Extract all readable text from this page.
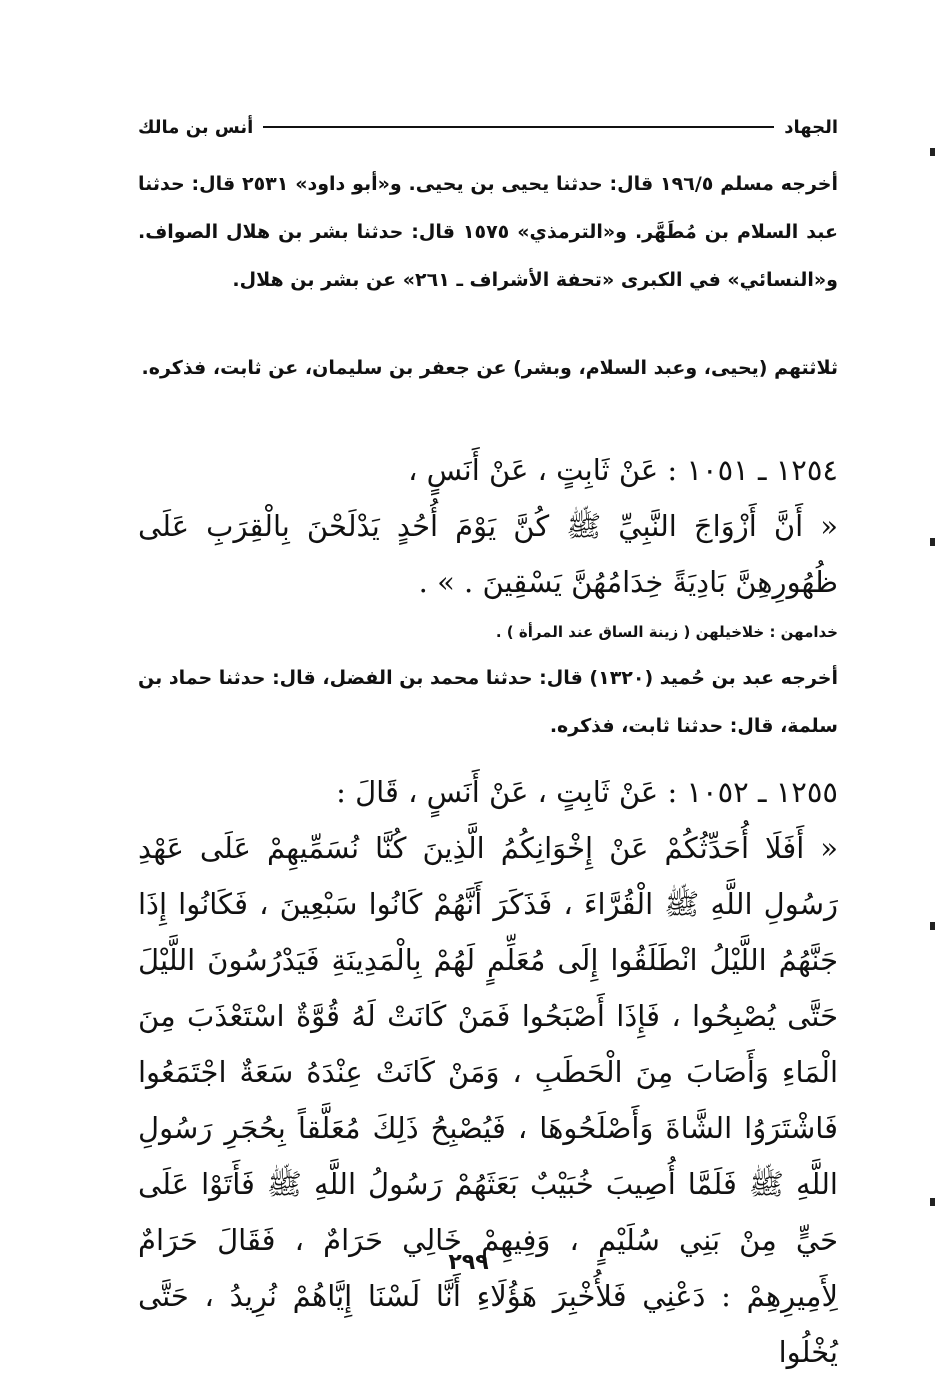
الجهاد
أنس بن مالك

أخرجه مسلم ١٩٦/٥ قال: حدثنا يحيى بن يحيى. و«أبو داود» ٢٥٣١ قال: حدثنا عبد السلام بن مُطَهَّر. و«الترمذي» ١٥٧٥ قال: حدثنا بشر بن هلال الصواف. و«النسائي» في الكبرى «تحفة الأشراف ـ ٢٦١» عن بشر بن هلال.

ثلاثتهم (يحيى، وعبد السلام، وبشر) عن جعفر بن سليمان، عن ثابت، فذكره.

١٢٥٤ ـ ١٠٥١ : عَنْ ثَابِتٍ ، عَنْ أَنَسٍ ،

« أَنَّ أَزْوَاجَ النَّبِيِّ ﷺ كُنَّ يَوْمَ أُحُدٍ يَدْلَحْنَ بِالْقِرَبِ عَلَى ظُهُورِهِنَّ بَادِيَةً خِدَامُهُنَّ يَسْقِينَ . » .

خدامهن : خلاخيلهن ( زينة الساق عند المرأة ) .

أخرجه عبد بن حُميد (١٣٢٠) قال: حدثنا محمد بن الفضل، قال: حدثنا حماد بن سلمة، قال: حدثنا ثابت، فذكره.

١٢٥٥ ـ ١٠٥٢ : عَنْ ثَابِتٍ ، عَنْ أَنَسٍ ، قَالَ :

« أَفَلَا أُحَدِّثُكُمْ عَنْ إِخْوَانِكُمُ الَّذِينَ كُنَّا نُسَمِّيهِمْ عَلَى عَهْدِ رَسُولِ اللَّهِ ﷺ الْقُرَّاءَ ، فَذَكَرَ أَنَّهُمْ كَانُوا سَبْعِينَ ، فَكَانُوا إِذَا جَنَّهُمُ اللَّيْلُ انْطَلَقُوا إِلَى مُعَلِّمٍ لَهُمْ بِالْمَدِينَةِ فَيَدْرُسُونَ اللَّيْلَ حَتَّى يُصْبِحُوا ، فَإِذَا أَصْبَحُوا فَمَنْ كَانَتْ لَهُ قُوَّةٌ اسْتَعْذَبَ مِنَ الْمَاءِ وَأَصَابَ مِنَ الْحَطَبِ ، وَمَنْ كَانَتْ عِنْدَهُ سَعَةٌ اجْتَمَعُوا فَاشْتَرَوُا الشَّاةَ وَأَصْلَحُوهَا ، فَيُصْبِحُ ذَلِكَ مُعَلَّقاً بِحُجَرِ رَسُولِ اللَّهِ ﷺ فَلَمَّا أُصِيبَ خُبَيْبٌ بَعَثَهُمْ رَسُولُ اللَّهِ ﷺ فَأَتَوْا عَلَى حَيٍّ مِنْ بَنِي سُلَيْمٍ ، وَفِيهِمْ خَالِي حَرَامٌ ، فَقَالَ حَرَامٌ لِأَمِيرِهِمْ : دَعْنِي فَلأُخْبِرَ هَؤُلَاءِ أَنَّا لَسْنَا إِيَّاهُمْ نُرِيدُ ، حَتَّى يُخْلُوا

٢٩٩
